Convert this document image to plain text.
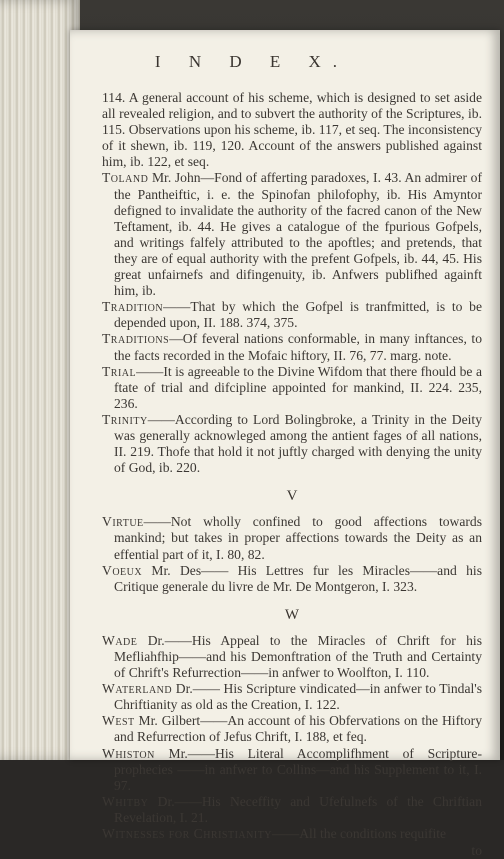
I N D E X.
114. A general account of his scheme, which is designed to set aside all revealed religion, and to subvert the authority of the Scriptures, ib. 115. Observations upon his scheme, ib. 117, et seq. The inconsistency of it shewn, ib. 119, 120. Account of the answers published against him, ib. 122, et seq.
Toland Mr. John—Fond of afferting paradoxes, I. 43. An admirer of the Pantheiftic, i. e. the Spinofan philofophy, ib. His Amyntor defigned to invalidate the authority of the facred canon of the New Teftament, ib. 44. He gives a catalogue of the fpurious Gofpels, and writings falfely attributed to the apoftles; and pretends, that they are of equal authority with the prefent Gofpels, ib. 44, 45. His great unfairnefs and difingenuity, ib. Anfwers publifhed againft him, ib.
Tradition——That by which the Gofpel is tranfmitted, is to be depended upon, II. 188. 374, 375.
Traditions—Of feveral nations conformable, in many inftances, to the facts recorded in the Mofaic hiftory, II. 76, 77. marg. note.
Trial——It is agreeable to the Divine Wifdom that there fhould be a ftate of trial and difcipline appointed for mankind, II. 224. 235, 236.
Trinity——According to Lord Bolingbroke, a Trinity in the Deity was generally acknowleged among the antient fages of all nations, II. 219. Thofe that hold it not juftly charged with denying the unity of God, ib. 220.
V
Virtue——Not wholly confined to good affections towards mankind; but takes in proper affections towards the Deity as an effential part of it, I. 80, 82.
Voeux Mr. Des—— His Lettres fur les Miracles——and his Critique generale du livre de Mr. De Montgeron, I. 323.
W
Wade Dr.——His Appeal to the Miracles of Chrift for his Mefliahfhip——and his Demonftration of the Truth and Certainty of Chrift's Refurrection——in anfwer to Woolfton, I. 110.
Waterland Dr.—— His Scripture vindicated—in anfwer to Tindal's Chriftianity as old as the Creation, I. 122.
West Mr. Gilbert——An account of his Obfervations on the Hiftory and Refurrection of Jefus Chrift, I. 188, et feq.
Whiston Mr.——His Literal Accomplifhment of Scripture-prophecies ——in anfwer to Collins—and his Supplement to it, I. 97.
Whitby Dr.——His Neceffity and Ufefulnefs of the Chriftian Revelation, I. 21.
Witnesses for Christianity——All the conditions requifite
to
